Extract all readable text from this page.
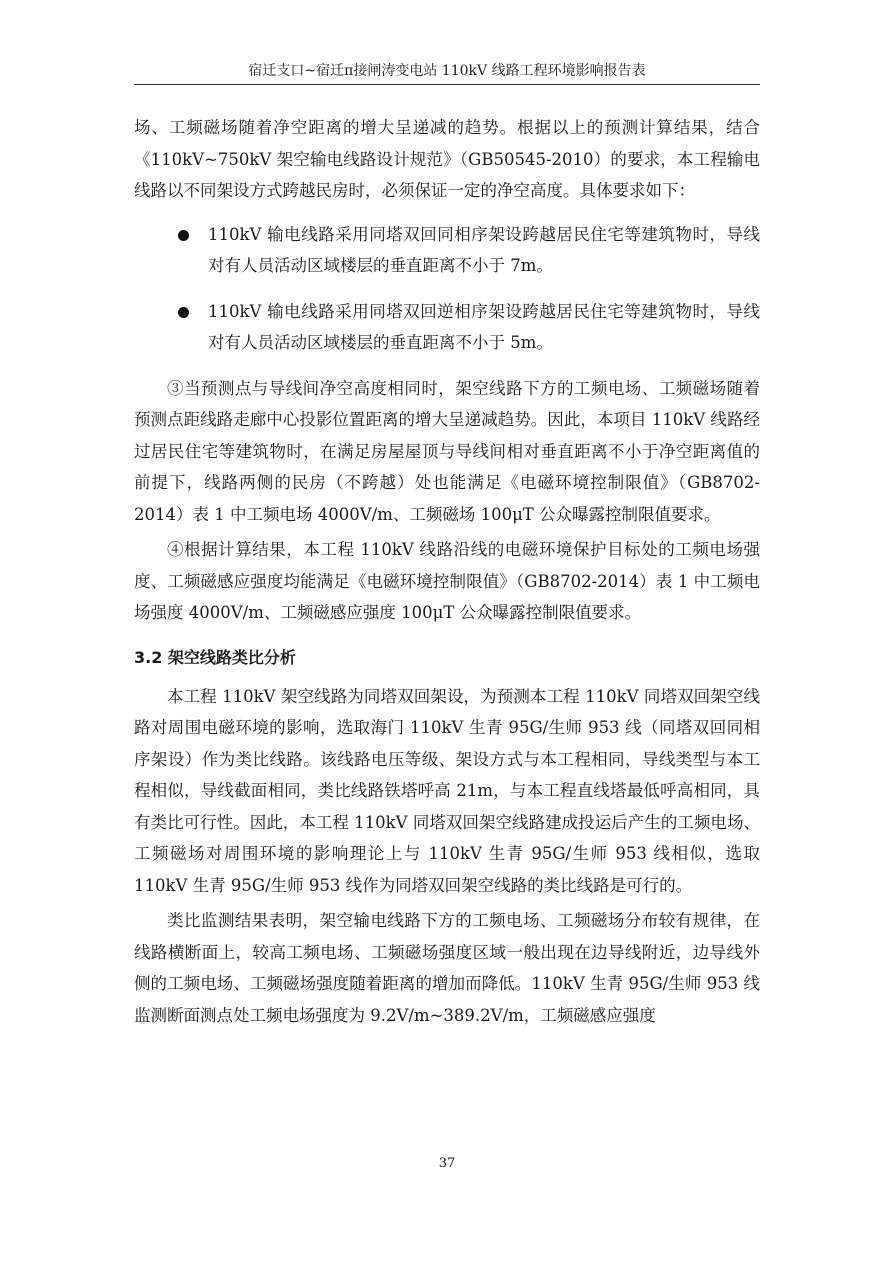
宿迁支口~宿迁π接闸涛变电站 110kV 线路工程环境影响报告表

场、工频磁场随着净空距离的增大呈递减的趋势。根据以上的预测计算结果，结合《110kV~750kV 架空输电线路设计规范》（GB50545-2010）的要求，本工程输电线路以不同架设方式跨越民房时，必须保证一定的净空高度。具体要求如下：

110kV 输电线路采用同塔双回同相序架设跨越居民住宅等建筑物时，导线对有人员活动区域楼层的垂直距离不小于 7m。

110kV 输电线路采用同塔双回逆相序架设跨越居民住宅等建筑物时，导线对有人员活动区域楼层的垂直距离不小于 5m。

③当预测点与导线间净空高度相同时，架空线路下方的工频电场、工频磁场随着预测点距线路走廊中心投影位置距离的增大呈递减趋势。因此，本项目 110kV 线路经过居民住宅等建筑物时，在满足房屋屋顶与导线间相对垂直距离不小于净空距离值的前提下，线路两侧的民房（不跨越）处也能满足《电磁环境控制限值》（GB8702-2014）表 1 中工频电场 4000V/m、工频磁场 100μT 公众曝露控制限值要求。

④根据计算结果，本工程 110kV 线路沿线的电磁环境保护目标处的工频电场强度、工频磁感应强度均能满足《电磁环境控制限值》（GB8702-2014）表 1 中工频电场强度 4000V/m、工频磁感应强度 100μT 公众曝露控制限值要求。

3.2 架空线路类比分析

本工程 110kV 架空线路为同塔双回架设，为预测本工程 110kV 同塔双回架空线路对周围电磁环境的影响，选取海门 110kV 生青 95G/生师 953 线（同塔双回同相序架设）作为类比线路。该线路电压等级、架设方式与本工程相同，导线类型与本工程相似，导线截面相同，类比线路铁塔呼高 21m，与本工程直线塔最低呼高相同，具有类比可行性。因此，本工程 110kV 同塔双回架空线路建成投运后产生的工频电场、工频磁场对周围环境的影响理论上与 110kV 生青 95G/生师 953 线相似，选取 110kV 生青 95G/生师 953 线作为同塔双回架空线路的类比线路是可行的。

类比监测结果表明，架空输电线路下方的工频电场、工频磁场分布较有规律，在线路横断面上，较高工频电场、工频磁场强度区域一般出现在边导线附近，边导线外侧的工频电场、工频磁场强度随着距离的增加而降低。110kV 生青 95G/生师 953 线监测断面测点处工频电场强度为 9.2V/m~389.2V/m，工频磁感应强度

37
